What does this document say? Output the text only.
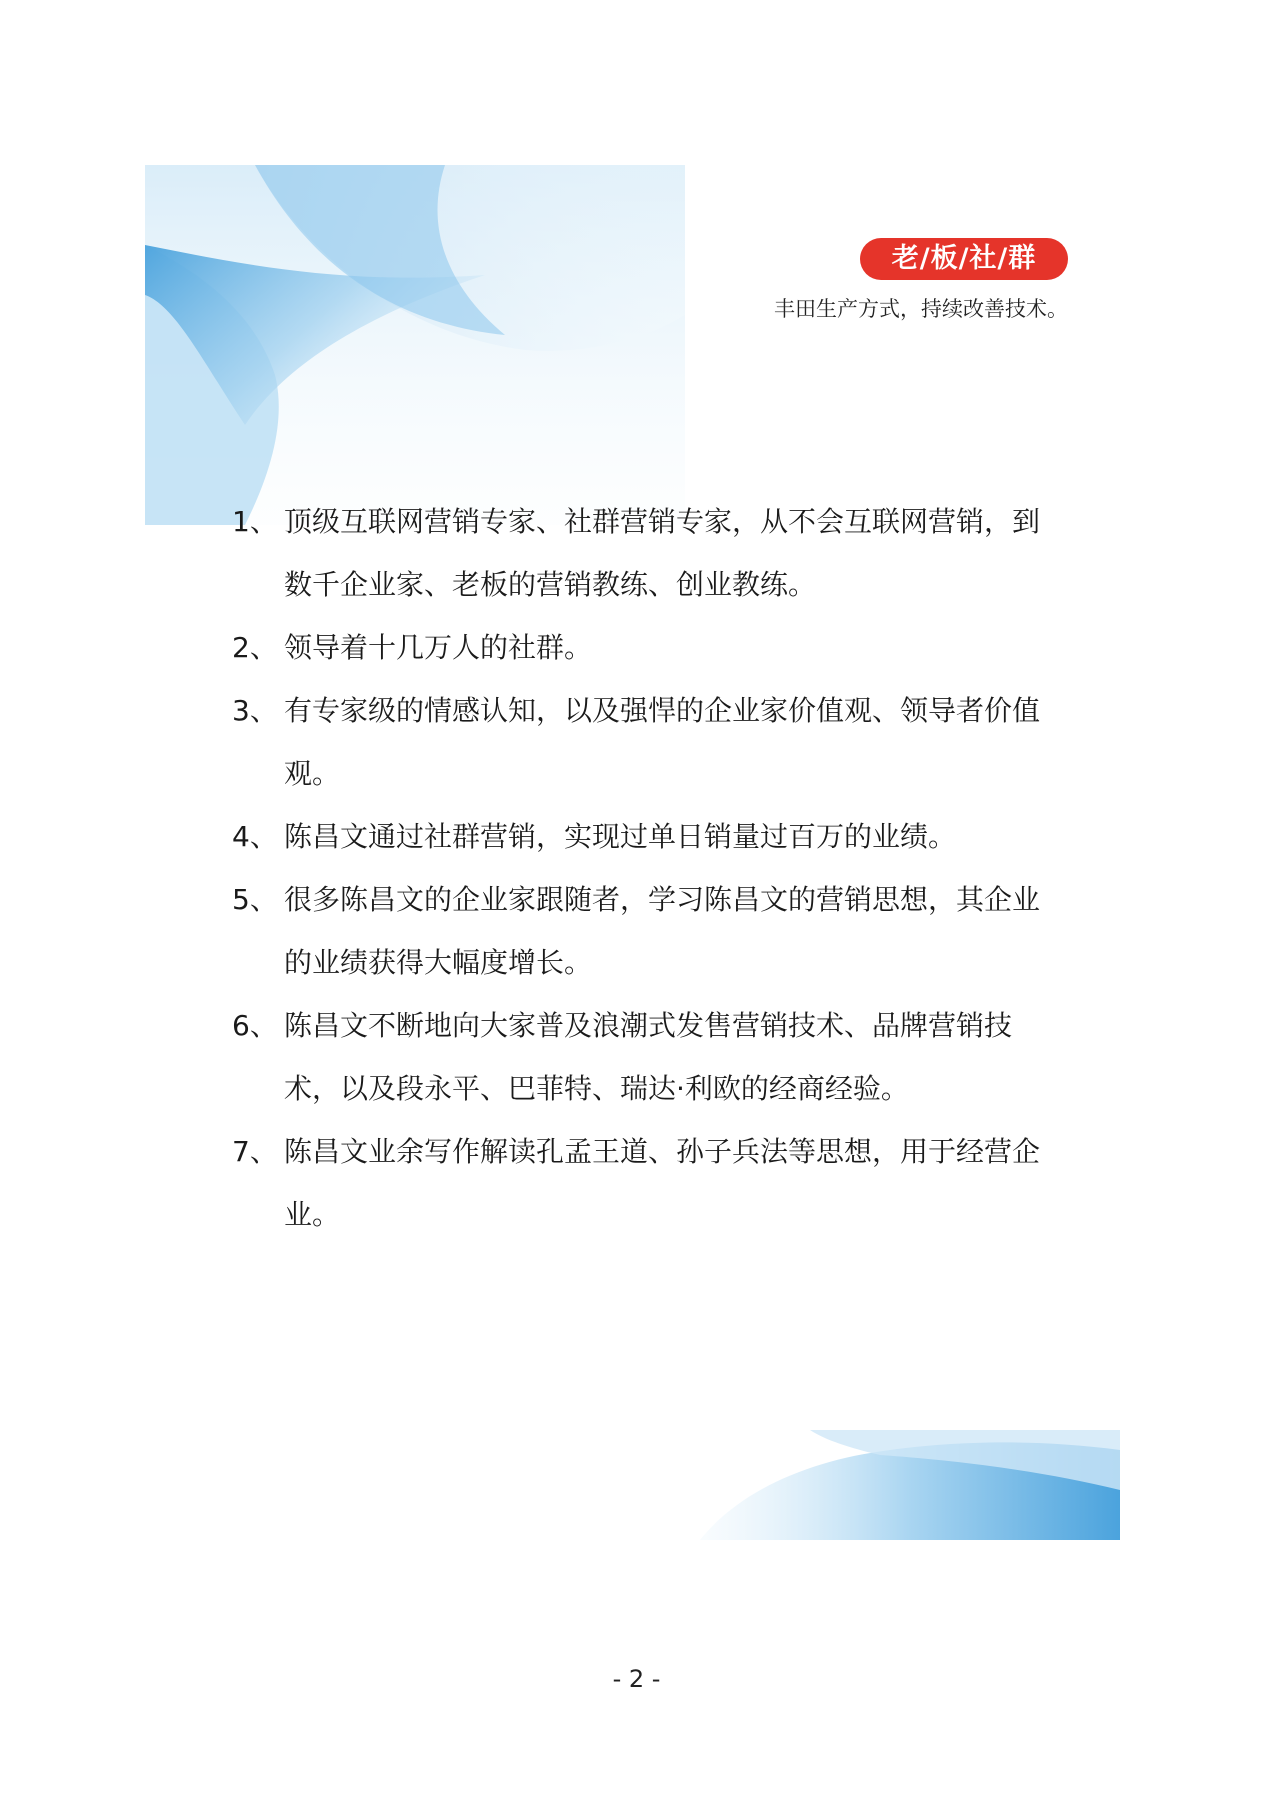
老/板/社/群
丰田生产方式，持续改善技术。
1、 顶级互联网营销专家、社群营销专家，从不会互联网营销，到数千企业家、老板的营销教练、创业教练。
2、 领导着十几万人的社群。
3、 有专家级的情感认知，以及强悍的企业家价值观、领导者价值观。
4、 陈昌文通过社群营销，实现过单日销量过百万的业绩。
5、 很多陈昌文的企业家跟随者，学习陈昌文的营销思想，其企业的业绩获得大幅度增长。
6、 陈昌文不断地向大家普及浪潮式发售营销技术、品牌营销技术，以及段永平、巴菲特、瑞达·利欧的经商经验。
7、 陈昌文业余写作解读孔孟王道、孙子兵法等思想，用于经营企业。
- 2 -
